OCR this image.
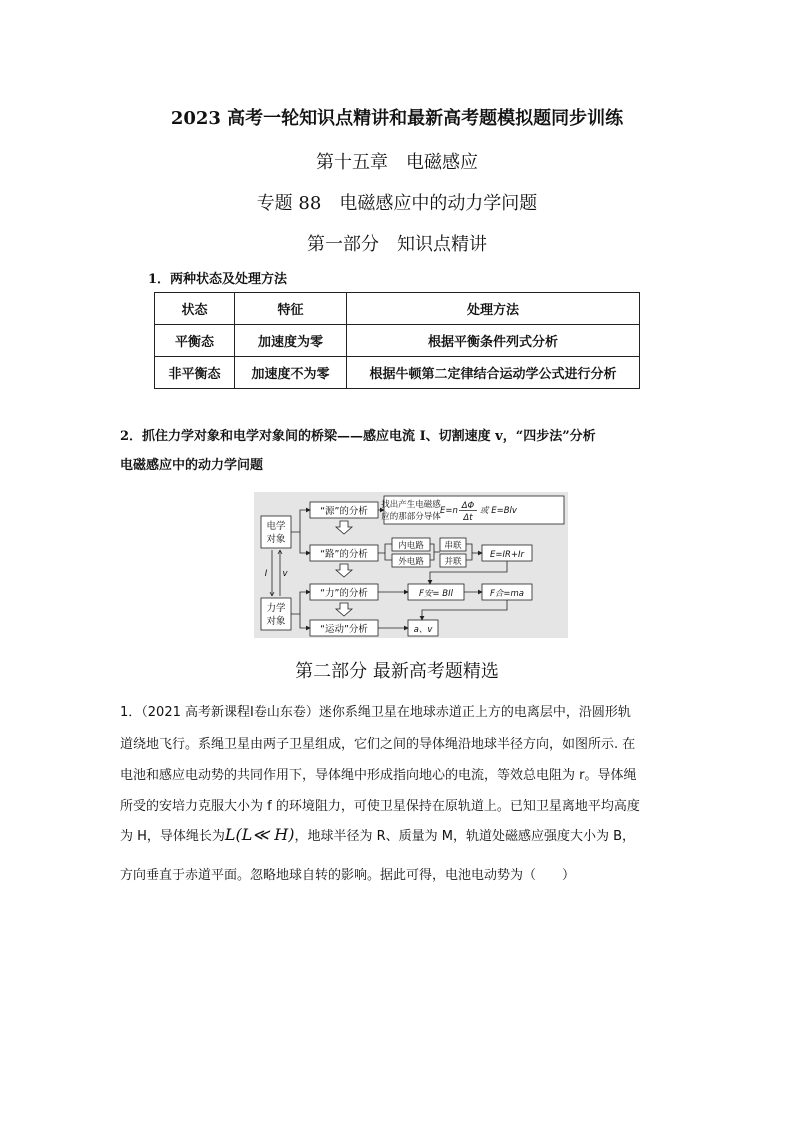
2023 高考一轮知识点精讲和最新高考题模拟题同步训练
第十五章　电磁感应
专题 88　电磁感应中的动力学问题
第一部分　知识点精讲
1．两种状态及处理方法
状态	特征	处理方法
平衡态	加速度为零	根据平衡条件列式分析
非平衡态	加速度不为零	根据牛顿第二定律结合运动学公式进行分析
2．抓住力学对象和电学对象间的桥梁——感应电流 I、切割速度 v，“四步法”分析
电磁感应中的动力学问题
电学
对象
力学
对象
“源”的分析
“路”的分析
“力”的分析
“运动”分析
找出产生电磁感
应的那部分导体
内电路
外电路
串联
并联
E=IR+Ir
F安= BIl	F合=ma
a、v
I v
E=n ΔΦ
Δt
或 E=Blv
第二部分 最新高考题精选
1．（2021 高考新课程Ⅰ卷山东卷）迷你系绳卫星在地球赤道正上方的电离层中，沿圆形轨
道绕地飞行。系绳卫星由两子卫星组成，它们之间的导体绳沿地球半径方向，如图所示. 在
电池和感应电动势的共同作用下，导体绳中形成指向地心的电流，等效总电阻为 r。导体绳
所受的安培力克服大小为 f 的环境阻力，可使卫星保持在原轨道上。已知卫星离地平均高度
为 H，导体绳长为L(L≪ H)，地球半径为 R、质量为 M，轨道处磁感应强度大小为 B，
方向垂直于赤道平面。忽略地球自转的影响。据此可得，电池电动势为（　　）
